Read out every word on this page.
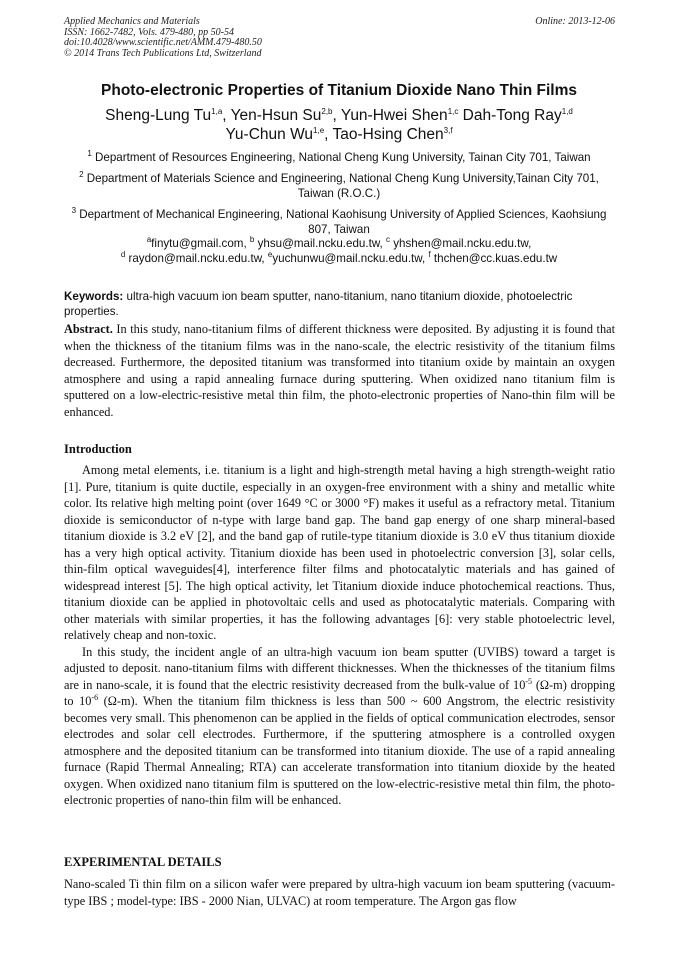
Applied Mechanics and Materials
ISSN: 1662-7482, Vols. 479-480, pp 50-54
doi:10.4028/www.scientific.net/AMM.479-480.50
© 2014 Trans Tech Publications Ltd, Switzerland
Online: 2013-12-06
Photo-electronic Properties of Titanium Dioxide Nano Thin Films
Sheng-Lung Tu$^{1,a}$, Yen-Hsun Su$^{2,b}$, Yun-Hwei Shen$^{1,c}$ Dah-Tong Ray$^{1,d}$
Yu-Chun Wu$^{1,e}$, Tao-Hsing Chen$^{3,f}$
$^1$ Department of Resources Engineering, National Cheng Kung University, Tainan City 701, Taiwan
$^2$ Department of Materials Science and Engineering, National Cheng Kung University,Tainan City 701, Taiwan (R.O.C.)
$^3$ Department of Mechanical Engineering, National Kaohisung University of Applied Sciences, Kaohsiung 807, Taiwan
$^a$finytu@gmail.com, $^b$ yhsu@mail.ncku.edu.tw, $^c$ yhshen@mail.ncku.edu.tw,
$^d$ raydon@mail.ncku.edu.tw, $^e$yuchunwu@mail.ncku.edu.tw, $^f$ thchen@cc.kuas.edu.tw
Keywords: ultra-high vacuum ion beam sputter, nano-titanium, nano titanium dioxide, photoelectric properties.

Abstract. In this study, nano-titanium films of different thickness were deposited. By adjusting it is found that when the thickness of the titanium films was in the nano-scale, the electric resistivity of the titanium films decreased. Furthermore, the deposited titanium was transformed into titanium oxide by maintain an oxygen atmosphere and using a rapid annealing furnace during sputtering. When oxidized nano titanium film is sputtered on a low-electric-resistive metal thin film, the photo-electronic properties of Nano-thin film will be enhanced.

Introduction

Among metal elements, i.e. titanium is a light and high-strength metal having a high strength-weight ratio [1]. Pure, titanium is quite ductile, especially in an oxygen-free environment with a shiny and metallic white color. Its relative high melting point (over 1649 °C or 3000 °F) makes it useful as a refractory metal. Titanium dioxide is semiconductor of n-type with large band gap. The band gap energy of one sharp mineral-based titanium dioxide is 3.2 eV [2], and the band gap of rutile-type titanium dioxide is 3.0 eV thus titanium dioxide has a very high optical activity. Titanium dioxide has been used in photoelectric conversion [3], solar cells, thin-film optical waveguides[4], interference filter films and photocatalytic materials and has gained of widespread interest [5]. The high optical activity, let Titanium dioxide induce photochemical reactions. Thus, titanium dioxide can be applied in photovoltaic cells and used as photocatalytic materials. Comparing with other materials with similar properties, it has the following advantages [6]: very stable photoelectric level, relatively cheap and non-toxic.

In this study, the incident angle of an ultra-high vacuum ion beam sputter (UVIBS) toward a target is adjusted to deposit. nano-titanium films with different thicknesses. When the thicknesses of the titanium films are in nano-scale, it is found that the electric resistivity decreased from the bulk-value of $10^{-5}$ (Ω-m) dropping to $10^{-6}$ (Ω-m). When the titanium film thickness is less than 500 ~ 600 Angstrom, the electric resistivity becomes very small. This phenomenon can be applied in the fields of optical communication electrodes, sensor electrodes and solar cell electrodes. Furthermore, if the sputtering atmosphere is a controlled oxygen atmosphere and the deposited titanium can be transformed into titanium dioxide. The use of a rapid annealing furnace (Rapid Thermal Annealing; RTA) can accelerate transformation into titanium dioxide by the heated oxygen. When oxidized nano titanium film is sputtered on the low-electric-resistive metal thin film, the photo-electronic properties of nano-thin film will be enhanced.

EXPERIMENTAL DETAILS

Nano-scaled Ti thin film on a silicon wafer were prepared by ultra-high vacuum ion beam sputtering (vacuum-type IBS ; model-type: IBS - 2000 Nian, ULVAC) at room temperature. The Argon gas flow
